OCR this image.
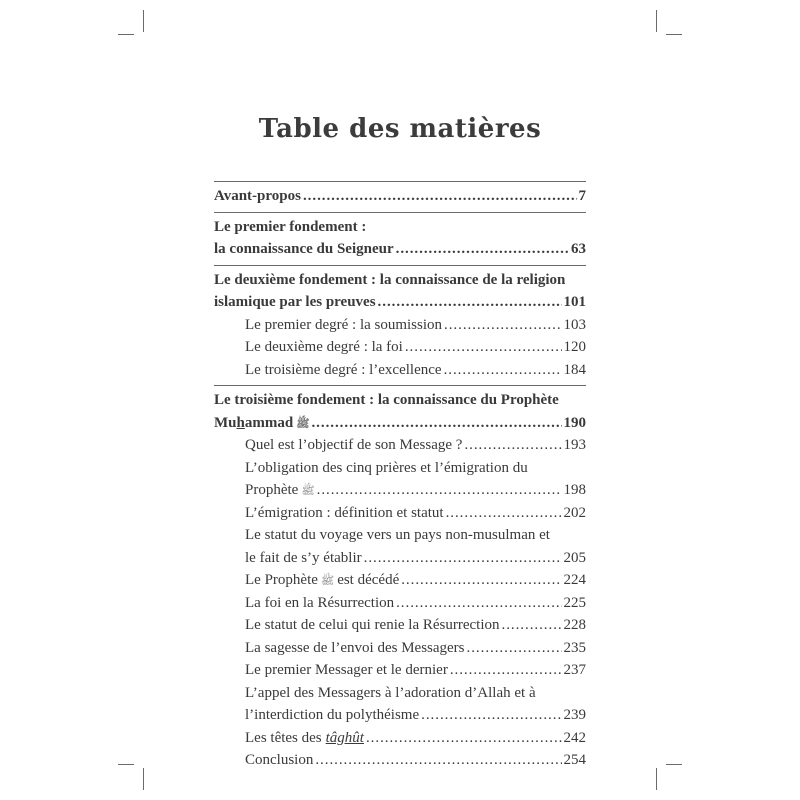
Table des matières
Avant-propos . . .	7
Le premier fondement :
la connaissance du Seigneur . . .	63
Le deuxième fondement : la connaissance de la religion
islamique par les preuves . . .	101
Le premier degré : la soumission . . .	103
Le deuxième degré : la foi . . .	120
Le troisième degré : l’excellence . . .	184
Le troisième fondement : la connaissance du Prophète
Muhammad ﷺ . . .	190
Quel est l’objectif de son Message ? . . .	193
L’obligation des cinq prières et l’émigration du
Prophète ﷺ . . .	198
L’émigration : définition et statut . . .	202
Le statut du voyage vers un pays non-musulman et
le fait de s’y établir . . .	205
Le Prophète ﷺ est décédé . . .	224
La foi en la Résurrection . . .	225
Le statut de celui qui renie la Résurrection . . .	228
La sagesse de l’envoi des Messagers . . .	235
Le premier Messager et le dernier . . .	237
L’appel des Messagers à l’adoration d’Allah et à
l’interdiction du polythéisme . . .	239
Les têtes des tâghût . . .	242
Conclusion . . .	254
